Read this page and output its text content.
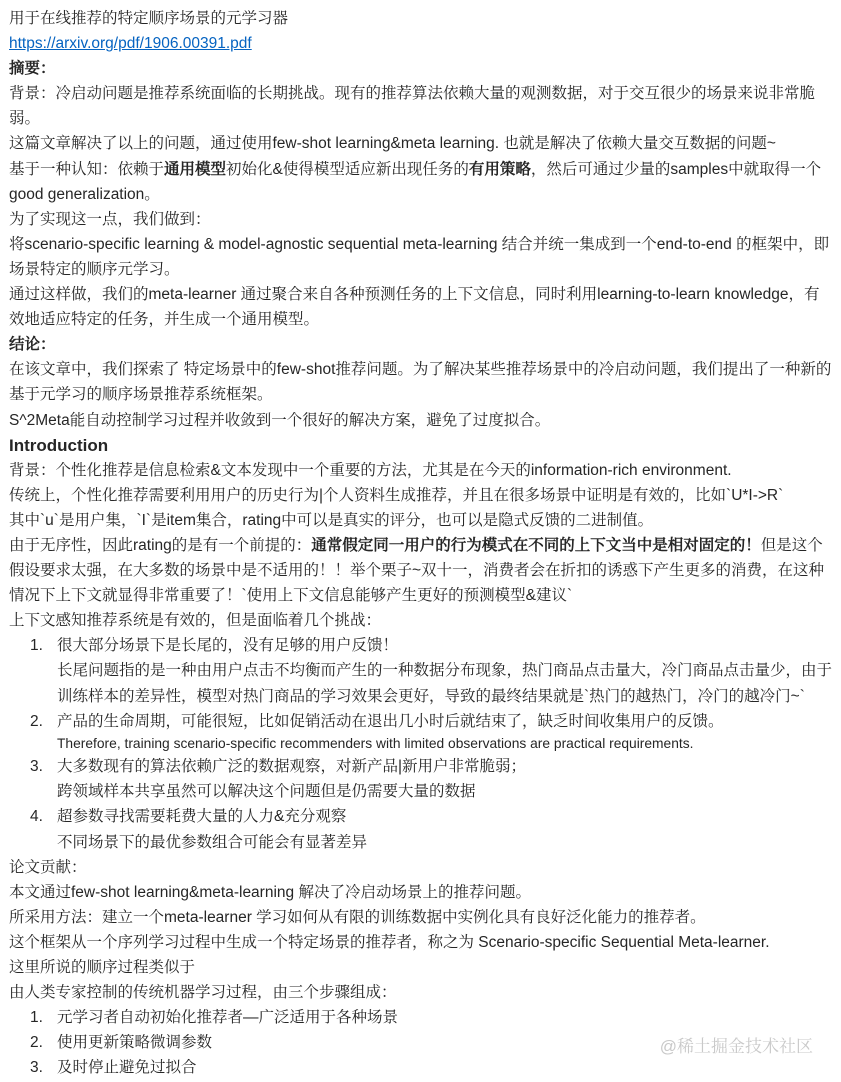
用于在线推荐的特定顺序场景的元学习器

https://arxiv.org/pdf/1906.00391.pdf

摘要：

背景：冷启动问题是推荐系统面临的长期挑战。现有的推荐算法依赖大量的观测数据，对于交互很少的场景来说非常脆弱。

这篇文章解决了以上的问题，通过使用few-shot learning&meta learning. 也就是解决了依赖大量交互数据的问题~

基于一种认知：依赖于通用模型初始化&使得模型适应新出现任务的有用策略，然后可通过少量的samples中就取得一个good generalization。

为了实现这一点，我们做到：

将scenario-specific learning & model-agnostic sequential meta-learning 结合并统一集成到一个end-to-end 的框架中，即场景特定的顺序元学习。

通过这样做，我们的meta-learner 通过聚合来自各种预测任务的上下文信息，同时利用learning-to-learn knowledge，有效地适应特定的任务，并生成一个通用模型。

结论：

在该文章中，我们探索了 特定场景中的few-shot推荐问题。为了解决某些推荐场景中的冷启动问题，我们提出了一种新的基于元学习的顺序场景推荐系统框架。

S^2Meta能自动控制学习过程并收敛到一个很好的解决方案，避免了过度拟合。

Introduction

背景：个性化推荐是信息检索&文本发现中一个重要的方法，尤其是在今天的information-rich environment.

传统上，个性化推荐需要利用用户的历史行为|个人资料生成推荐，并且在很多场景中证明是有效的，比如`U*I->R`

其中`u`是用户集，`I`是item集合，rating中可以是真实的评分，也可以是隐式反馈的二进制值。

由于无序性，因此rating的是有一个前提的：通常假定同一用户的行为模式在不同的上下文当中是相对固定的！但是这个假设要求太强，在大多数的场景中是不适用的！！举个栗子~双十一，消费者会在折扣的诱惑下产生更多的消费，在这种情况下上下文就显得非常重要了！`使用上下文信息能够产生更好的预测模型&建议`

上下文感知推荐系统是有效的，但是面临着几个挑战：

1. 很大部分场景下是长尾的，没有足够的用户反馈！
长尾问题指的是一种由用户点击不均衡而产生的一种数据分布现象，热门商品点击量大，冷门商品点击量少，由于训练样本的差异性，模型对热门商品的学习效果会更好，导致的最终结果就是`热门的越热门，冷门的越冷门~`
2. 产品的生命周期，可能很短，比如促销活动在退出几小时后就结束了，缺乏时间收集用户的反馈。
Therefore, training scenario-specific recommenders with limited observations are practical requirements.
3. 大多数现有的算法依赖广泛的数据观察，对新产品|新用户非常脆弱；
跨领域样本共享虽然可以解决这个问题但是仍需要大量的数据
4. 超参数寻找需要耗费大量的人力&充分观察
不同场景下的最优参数组合可能会有显著差异

论文贡献：

本文通过few-shot learning&meta-learning 解决了冷启动场景上的推荐问题。

所采用方法：建立一个meta-learner 学习如何从有限的训练数据中实例化具有良好泛化能力的推荐者。

这个框架从一个序列学习过程中生成一个特定场景的推荐者，称之为 Scenario-specific Sequential Meta-learner.

这里所说的顺序过程类似于

由人类专家控制的传统机器学习过程，由三个步骤组成：

1. 元学习者自动初始化推荐者—广泛适用于各种场景
2. 使用更新策略微调参数
3. 及时停止避免过拟合
@稀土掘金技术社区
